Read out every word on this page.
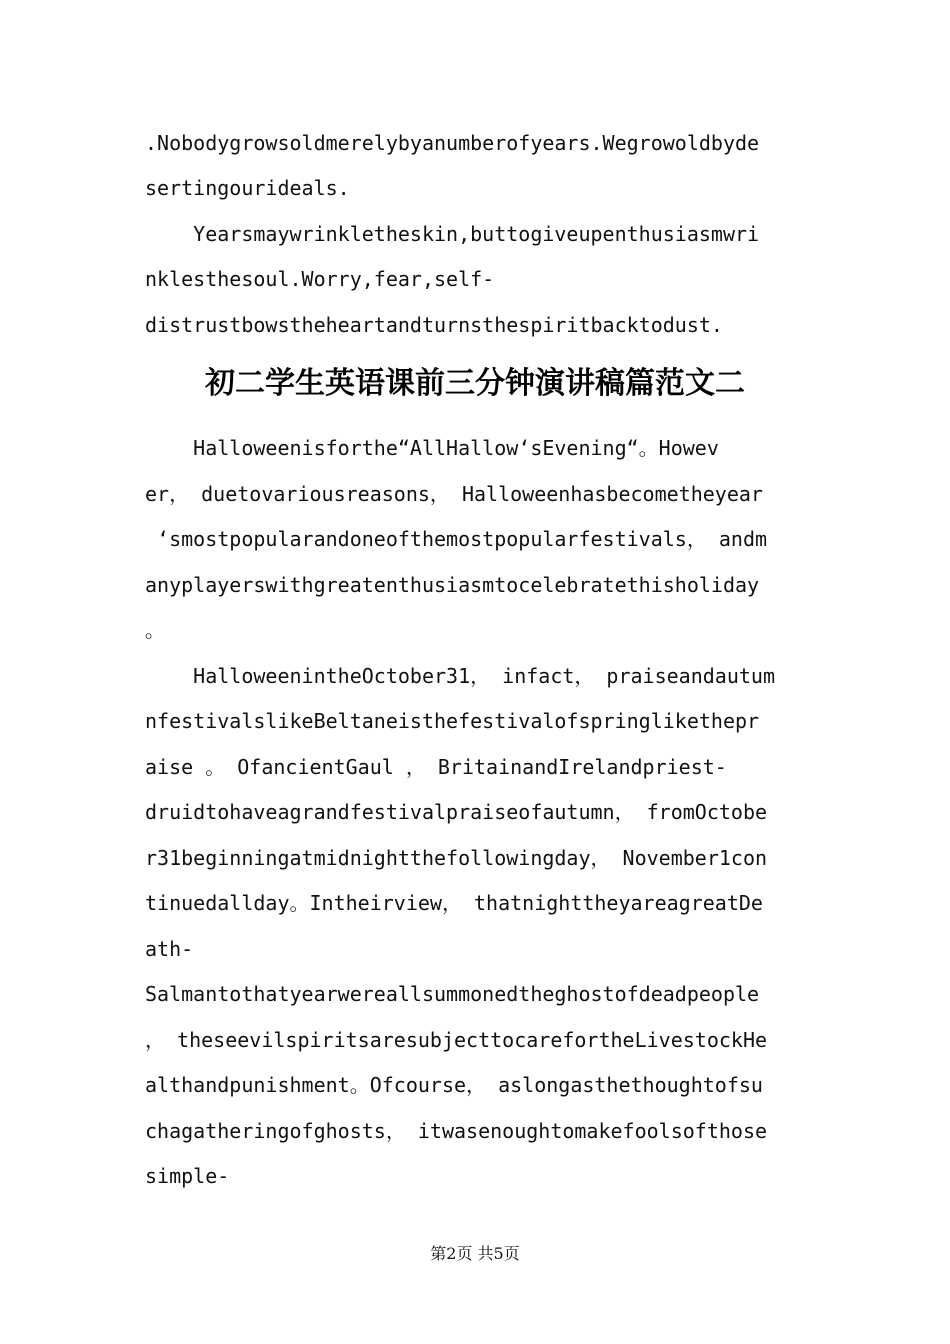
.Nobodygrowsoldmerelybyanumberofyears.Wegrowoldbyde
sertingourideals.
Yearsmaywrinkletheskin,buttogiveupenthusiasmwri
nklesthesoul.Worry,fear,self-
distrustbowstheheartandturnsthespiritbacktodust.
初二学生英语课前三分钟演讲稿篇范文二
Halloweenisforthe“AllHallow‘sEvening“。Howev
er， duetovariousreasons， Halloweenhasbecometheyear
‘smostpopularandoneofthemostpopularfestivals， andm
anyplayerswithgreatenthusiasmtocelebratethisholiday
。
HalloweenintheOctober31， infact， praiseandautum
nfestivalslikeBeltaneisthefestivalofspringlikethepr
aise 。 OfancientGaul ， BritainandIrelandpriest-
druidtohaveagrandfestivalpraiseofautumn， fromOctobe
r31beginningatmidnightthefollowingday， November1con
tinuedallday。Intheirview， thatnighttheyareagreatDe
ath-
Salmantothatyearwereallsummonedtheghostofdeadpeople
， theseevilspiritsaresubjecttocarefortheLivestockHe
althandpunishment。Ofcourse， aslongasthethoughtofsu
chagatheringofghosts， itwasenoughtomakefoolsofthose
simple-
第2页 共5页
